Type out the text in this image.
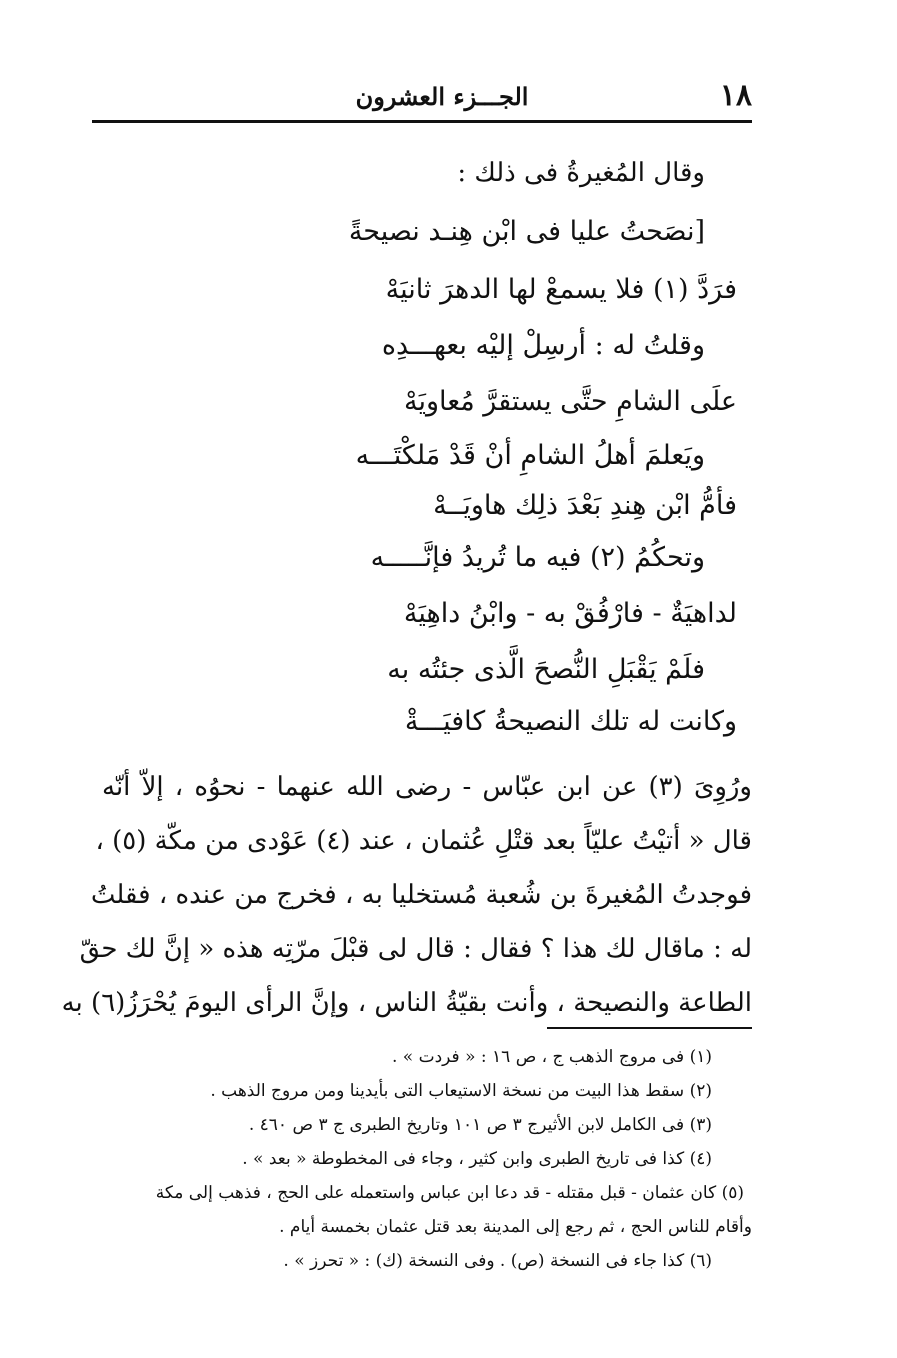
١٨
الجـــزء العشرون
وقال المُغيرةُ فى ذلك :
[نصَحتُ عليا فى ابْن هِنـد نصيحةً
فرَدَّ (١) فلا يسمعْ لها الدهرَ ثانيَهْ
وقلتُ له : أرسِلْ إليْه بعهـــدِه
علَى الشامِ حتَّى يستقرَّ مُعاويَهْ
ويَعلمَ أهلُ الشامِ أنْ قَدْ مَلكْتَـــه
فأمُّ ابْن هِندِ بَعْدَ ذلِك هاويَــهْ
وتحكُمُ (٢) فيه ما تُريدُ فإنَّـــــه
لداهيَةٌ - فارْفُقْ به - وابْنُ داهِيَهْ
فلَمْ يَقْبَلِ النُّصحَ الَّذى جئتُه به
وكانت له تلك النصيحةُ كافيَـــةْ
ورُوِىَ (٣) عن ابن عبّاس - رضى الله عنهما - نحوُه ، إلاّ أنّه
قال « أتيْتُ عليّاً بعد قتْلِ عُثمان ، عند (٤) عَوْدى من مكّة (٥) ،
فوجدتُ المُغيرةَ بن شُعبة مُستخليا به ، فخرج من عنده ، فقلتُ
له : ماقال لك هذا ؟ فقال : قال لى قبْلَ مرّتِه هذه « إنَّ لك حقّ
الطاعة والنصيحة ، وأنت بقيّةُ الناس ، وإنَّ الرأى اليومَ يُحْرَزُ(٦) به
(١) فى مروج الذهب ج ، ص ١٦ : « فردت » .
(٢) سقط هذا البيت من نسخة الاستيعاب التى بأيدينا ومن مروج الذهب .
(٣) فى الكامل لابن الأثيرج ٣ ص ١٠١ وتاريخ الطبرى ج ٣ ص ٤٦٠ .
(٤) كذا فى تاريخ الطبرى وابن كثير ، وجاء فى المخطوطة « بعد » .
(٥) كان عثمان - قبل مقتله - قد دعا ابن عباس واستعمله على الحج ، فذهب إلى مكة
وأقام للناس الحج ، ثم رجع إلى المدينة بعد قتل عثمان بخمسة أيام .
(٦) كذا جاء فى النسخة (ص) . وفى النسخة (ك) : « تحرز » .
